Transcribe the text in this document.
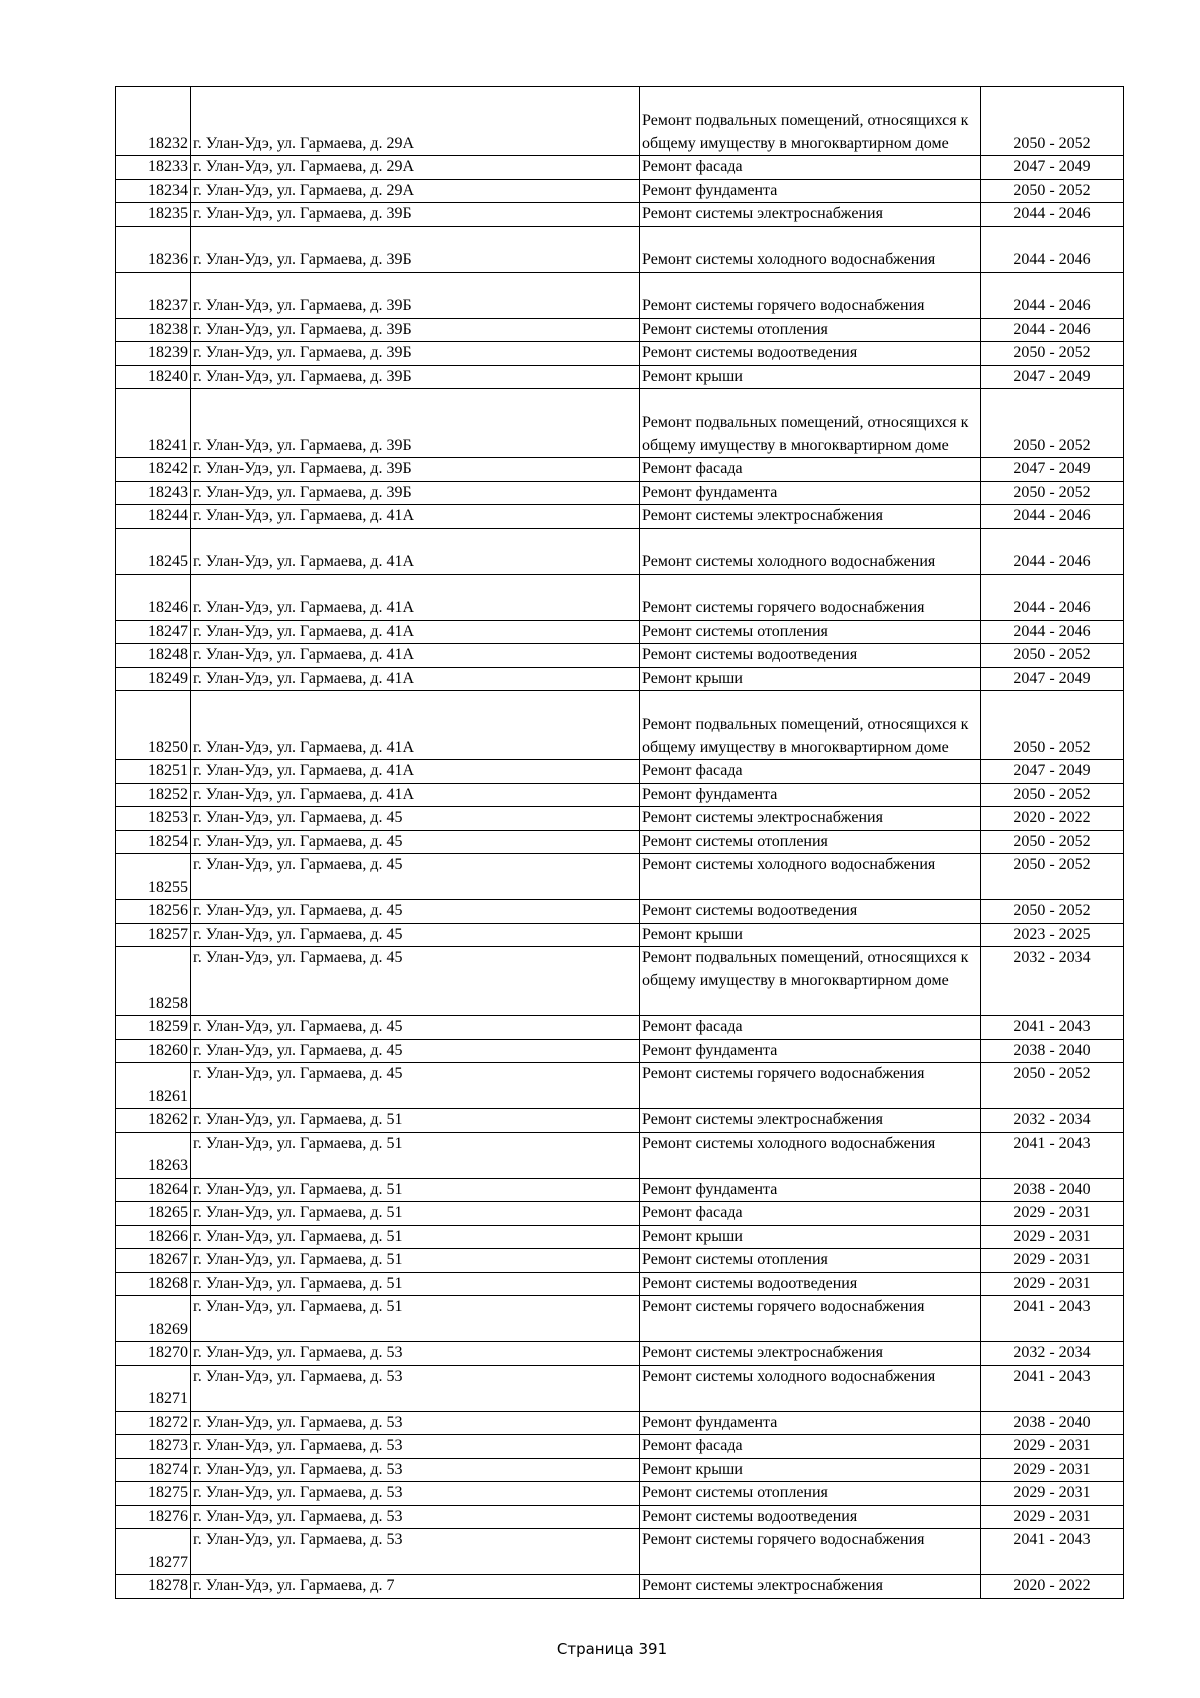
18232	г. Улан-Удэ, ул. Гармаева, д. 29А	Ремонт подвальных помещений, относящихся к общему имуществу в многоквартирном доме	2050 - 2052
18233	г. Улан-Удэ, ул. Гармаева, д. 29А	Ремонт фасада	2047 - 2049
18234	г. Улан-Удэ, ул. Гармаева, д. 29А	Ремонт фундамента	2050 - 2052
18235	г. Улан-Удэ, ул. Гармаева, д. 39Б	Ремонт системы электроснабжения	2044 - 2046
18236	г. Улан-Удэ, ул. Гармаева, д. 39Б	Ремонт системы холодного водоснабжения	2044 - 2046
18237	г. Улан-Удэ, ул. Гармаева, д. 39Б	Ремонт системы горячего водоснабжения	2044 - 2046
18238	г. Улан-Удэ, ул. Гармаева, д. 39Б	Ремонт системы отопления	2044 - 2046
18239	г. Улан-Удэ, ул. Гармаева, д. 39Б	Ремонт системы водоотведения	2050 - 2052
18240	г. Улан-Удэ, ул. Гармаева, д. 39Б	Ремонт крыши	2047 - 2049
18241	г. Улан-Удэ, ул. Гармаева, д. 39Б	Ремонт подвальных помещений, относящихся к общему имуществу в многоквартирном доме	2050 - 2052
18242	г. Улан-Удэ, ул. Гармаева, д. 39Б	Ремонт фасада	2047 - 2049
18243	г. Улан-Удэ, ул. Гармаева, д. 39Б	Ремонт фундамента	2050 - 2052
18244	г. Улан-Удэ, ул. Гармаева, д. 41А	Ремонт системы электроснабжения	2044 - 2046
18245	г. Улан-Удэ, ул. Гармаева, д. 41А	Ремонт системы холодного водоснабжения	2044 - 2046
18246	г. Улан-Удэ, ул. Гармаева, д. 41А	Ремонт системы горячего водоснабжения	2044 - 2046
18247	г. Улан-Удэ, ул. Гармаева, д. 41А	Ремонт системы отопления	2044 - 2046
18248	г. Улан-Удэ, ул. Гармаева, д. 41А	Ремонт системы водоотведения	2050 - 2052
18249	г. Улан-Удэ, ул. Гармаева, д. 41А	Ремонт крыши	2047 - 2049
18250	г. Улан-Удэ, ул. Гармаева, д. 41А	Ремонт подвальных помещений, относящихся к общему имуществу в многоквартирном доме	2050 - 2052
18251	г. Улан-Удэ, ул. Гармаева, д. 41А	Ремонт фасада	2047 - 2049
18252	г. Улан-Удэ, ул. Гармаева, д. 41А	Ремонт фундамента	2050 - 2052
18253	г. Улан-Удэ, ул. Гармаева, д. 45	Ремонт системы электроснабжения	2020 - 2022
18254	г. Улан-Удэ, ул. Гармаева, д. 45	Ремонт системы отопления	2050 - 2052
18255	г. Улан-Удэ, ул. Гармаева, д. 45	Ремонт системы холодного водоснабжения	2050 - 2052
18256	г. Улан-Удэ, ул. Гармаева, д. 45	Ремонт системы водоотведения	2050 - 2052
18257	г. Улан-Удэ, ул. Гармаева, д. 45	Ремонт крыши	2023 - 2025
18258	г. Улан-Удэ, ул. Гармаева, д. 45	Ремонт подвальных помещений, относящихся к общему имуществу в многоквартирном доме	2032 - 2034
18259	г. Улан-Удэ, ул. Гармаева, д. 45	Ремонт фасада	2041 - 2043
18260	г. Улан-Удэ, ул. Гармаева, д. 45	Ремонт фундамента	2038 - 2040
18261	г. Улан-Удэ, ул. Гармаева, д. 45	Ремонт системы горячего водоснабжения	2050 - 2052
18262	г. Улан-Удэ, ул. Гармаева, д. 51	Ремонт системы электроснабжения	2032 - 2034
18263	г. Улан-Удэ, ул. Гармаева, д. 51	Ремонт системы холодного водоснабжения	2041 - 2043
18264	г. Улан-Удэ, ул. Гармаева, д. 51	Ремонт фундамента	2038 - 2040
18265	г. Улан-Удэ, ул. Гармаева, д. 51	Ремонт фасада	2029 - 2031
18266	г. Улан-Удэ, ул. Гармаева, д. 51	Ремонт крыши	2029 - 2031
18267	г. Улан-Удэ, ул. Гармаева, д. 51	Ремонт системы отопления	2029 - 2031
18268	г. Улан-Удэ, ул. Гармаева, д. 51	Ремонт системы водоотведения	2029 - 2031
18269	г. Улан-Удэ, ул. Гармаева, д. 51	Ремонт системы горячего водоснабжения	2041 - 2043
18270	г. Улан-Удэ, ул. Гармаева, д. 53	Ремонт системы электроснабжения	2032 - 2034
18271	г. Улан-Удэ, ул. Гармаева, д. 53	Ремонт системы холодного водоснабжения	2041 - 2043
18272	г. Улан-Удэ, ул. Гармаева, д. 53	Ремонт фундамента	2038 - 2040
18273	г. Улан-Удэ, ул. Гармаева, д. 53	Ремонт фасада	2029 - 2031
18274	г. Улан-Удэ, ул. Гармаева, д. 53	Ремонт крыши	2029 - 2031
18275	г. Улан-Удэ, ул. Гармаева, д. 53	Ремонт системы отопления	2029 - 2031
18276	г. Улан-Удэ, ул. Гармаева, д. 53	Ремонт системы водоотведения	2029 - 2031
18277	г. Улан-Удэ, ул. Гармаева, д. 53	Ремонт системы горячего водоснабжения	2041 - 2043
18278	г. Улан-Удэ, ул. Гармаева, д. 7	Ремонт системы электроснабжения	2020 - 2022
Страница 391
